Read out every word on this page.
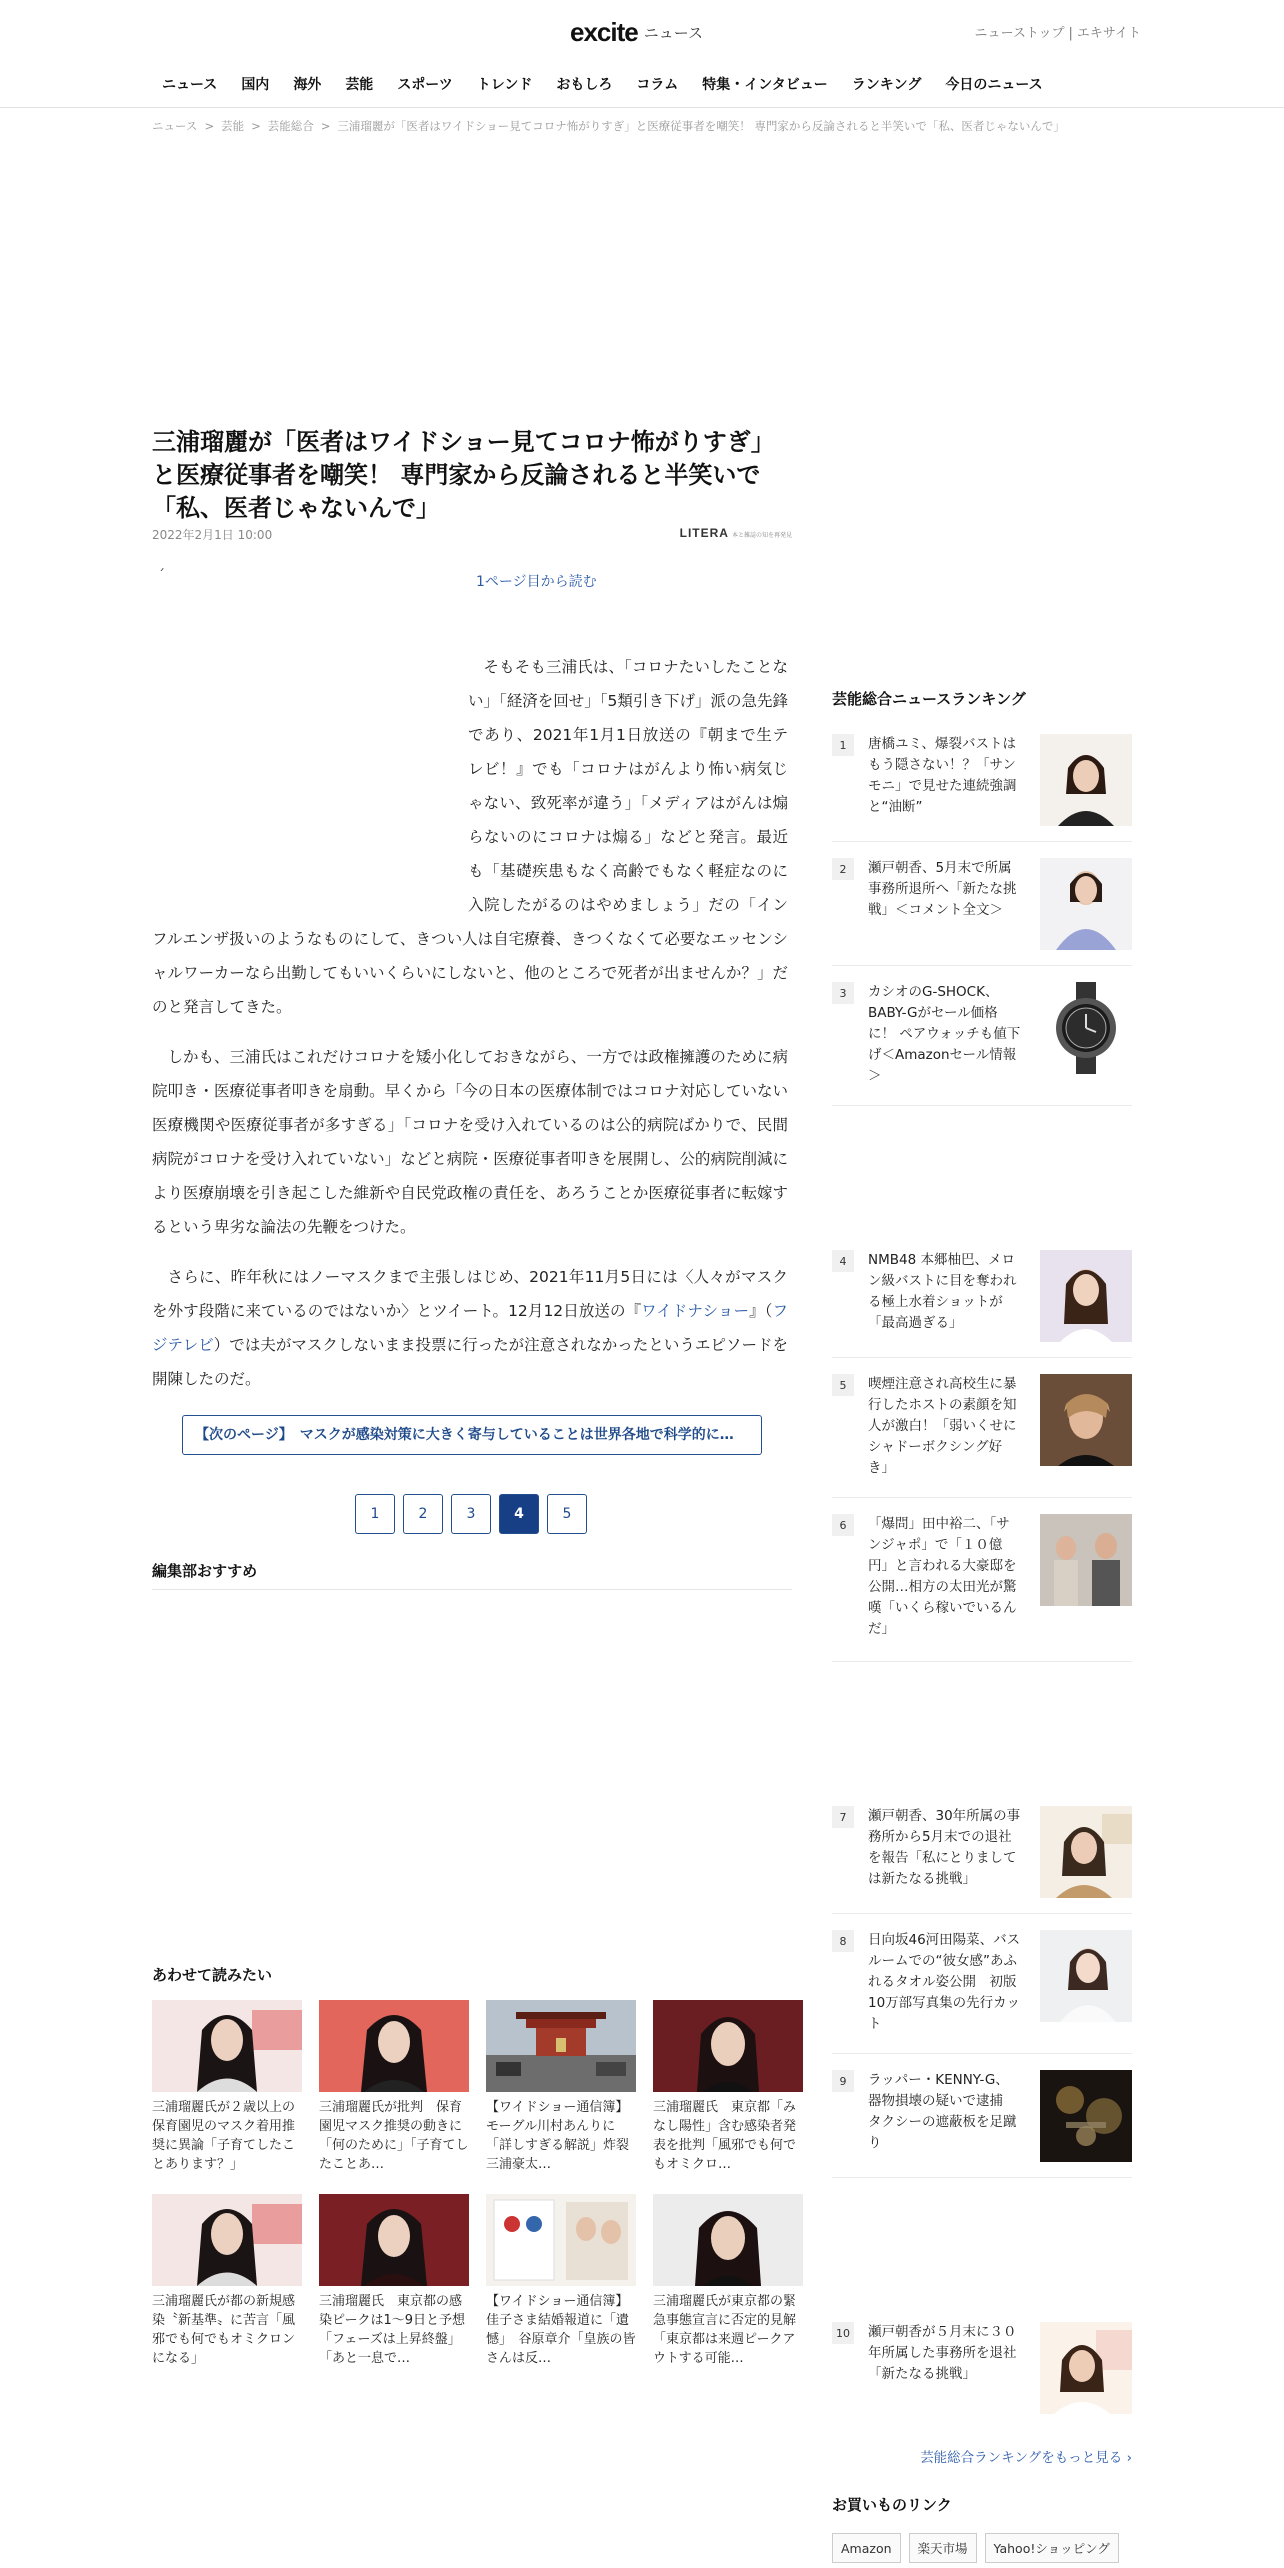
excite ニュース	ニューストップ | エキサイト
ニュース	国内	海外	芸能	スポーツ	トレンド	おもしろ	コラム	特集・インタビュー	ランキング	今日のニュース
ニュース > 芸能 > 芸能総合 > 三浦瑠麗が「医者はワイドショー見てコロナ怖がりすぎ」と医療従事者を嘲笑！ 専門家から反論されると半笑いで「私、医者じゃないんで」
三浦瑠麗が「医者はワイドショー見てコロナ怖がりすぎ」と医療従事者を嘲笑！ 専門家から反論されると半笑いで「私、医者じゃないんで」
2022年2月1日 10:00	LITERA 本と雑誌の知を再発見
´	1ページ目から読む

そもそも三浦氏は、「コロナたいしたことない」「経済を回せ」「5類引き下げ」派の急先鋒であり、2021年1月1日放送の『朝まで生テレビ！』でも「コロナはがんより怖い病気じゃない、致死率が違う」「メディアはがんは煽らないのにコロナは煽る」などと発言。最近も「基礎疾患もなく高齢でもなく軽症なのに入院したがるのはやめましょう」だの「インフルエンザ扱いのようなものにして、きつい人は自宅療養、きつくなくて必要なエッセンシャルワーカーなら出勤してもいいくらいにしないと、他のところで死者が出ませんか？」だのと発言してきた。

しかも、三浦氏はこれだけコロナを矮小化しておきながら、一方では政権擁護のために病院叩き・医療従事者叩きを扇動。早くから「今の日本の医療体制ではコロナ対応していない医療機関や医療従事者が多すぎる」「コロナを受け入れているのは公的病院ばかりで、民間病院がコロナを受け入れていない」などと病院・医療従事者叩きを展開し、公的病院削減により医療崩壊を引き起こした維新や自民党政権の責任を、あろうことか医療従事者に転嫁するという卑劣な論法の先鞭をつけた。

さらに、昨年秋にはノーマスクまで主張しはじめ、2021年11月5日には〈人々がマスクを外す段階に来ているのではないか〉とツイート。12月12日放送の『ワイドナショー』（フジテレビ）では夫がマスクしないまま投票に行ったが注意されなかったというエピソードを開陳したのだ。

【次のページ】　マスクが感染対策に大きく寄与していることは世界各地で科学的に…
1	2	3	4	5
編集部おすすめ
あわせて読みたい
三浦瑠麗氏が２歳以上の保育園児のマスク着用推奨に異論「子育てしたことあります？」
三浦瑠麗氏が批判　保育園児マスク推奨の動きに「何のために」「子育てしたことあ…
【ワイドショー通信簿】モーグル川村あんりに「詳しすぎる解説」炸裂　三浦豪太…
三浦瑠麗氏　東京都「みなし陽性」含む感染者発表を批判「風邪でも何でもオミクロ…
三浦瑠麗氏が都の新規感染〝新基準〟に苦言「風邪でも何でもオミクロンになる」
三浦瑠麗氏　東京都の感染ピークは1～9日と予想「フェーズは上昇終盤」「あと一息で…
【ワイドショー通信簿】佳子さま結婚報道に「遺憾」　谷原章介「皇族の皆さんは反…
三浦瑠麗氏が東京都の緊急事態宣言に否定的見解「東京都は来週ピークアウトする可能…
芸能総合ニュースランキング
1	唐橋ユミ、爆裂バストはもう隠さない！？「サンモニ」で見せた連続強調と“油断”
2	瀬戸朝香、5月末で所属事務所退所へ「新たな挑戦」＜コメント全文＞
3	カシオのG-SHOCK、BABY-Gがセール価格に！ ペアウォッチも値下げ＜Amazonセール情報＞
4	NMB48 本郷柚巴、メロン級バストに目を奪われる極上水着ショットが「最高過ぎる」
5	喫煙注意され高校生に暴行したホストの素顔を知人が激白！「弱いくせにシャドーボクシング好き」
6	「爆問」田中裕二、「サンジャポ」で「１０億円」と言われる大豪邸を公開…相方の太田光が驚嘆「いくら稼いでいるんだ」
7	瀬戸朝香、30年所属の事務所から5月末での退社を報告「私にとりましては新たなる挑戦」
8	日向坂46河田陽菜、バスルームでの“彼女感”あふれるタオル姿公開　初版10万部写真集の先行カット
9	ラッパー・KENNY-G、器物損壊の疑いで逮捕　タクシーの遮蔽板を足蹴り
10 瀬戸朝香が５月末に３０年所属した事務所を退社「新たなる挑戦」
芸能総合ランキングをもっと見る ›
お買いものリンク
Amazon	楽天市場	Yahoo!ショッピング
